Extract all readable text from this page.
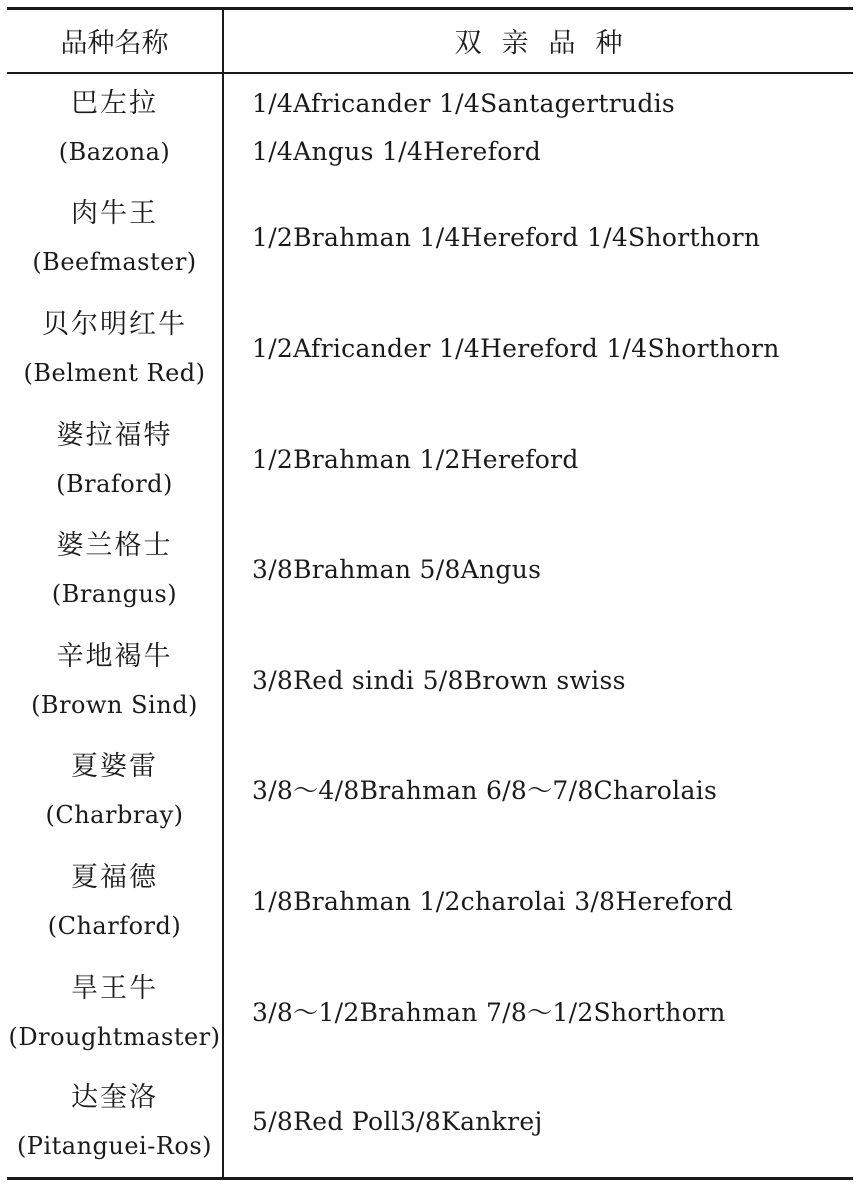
品种名称	双亲品种

巴左拉
(Bazona)	1/4Africander 1/4Santagertrudis
1/4Angus 1/4Hereford

肉牛王
(Beefmaster)	1/2Brahman 1/4Hereford 1/4Shorthorn

贝尔明红牛
(Belment Red)	1/2Africander 1/4Hereford 1/4Shorthorn

婆拉福特
(Braford)	1/2Brahman 1/2Hereford

婆兰格士
(Brangus)	3/8Brahman 5/8Angus

辛地褐牛
(Brown Sind)	3/8Red sindi 5/8Brown swiss

夏婆雷
(Charbray)	3/8～4/8Brahman 6/8～7/8Charolais

夏福德
(Charford)	1/8Brahman 1/2charolai 3/8Hereford

旱王牛
(Droughtmaster)	3/8～1/2Brahman 7/8～1/2Shorthorn

达奎洛
(Pitanguei-Ros)	5/8Red Poll3/8Kankrej
